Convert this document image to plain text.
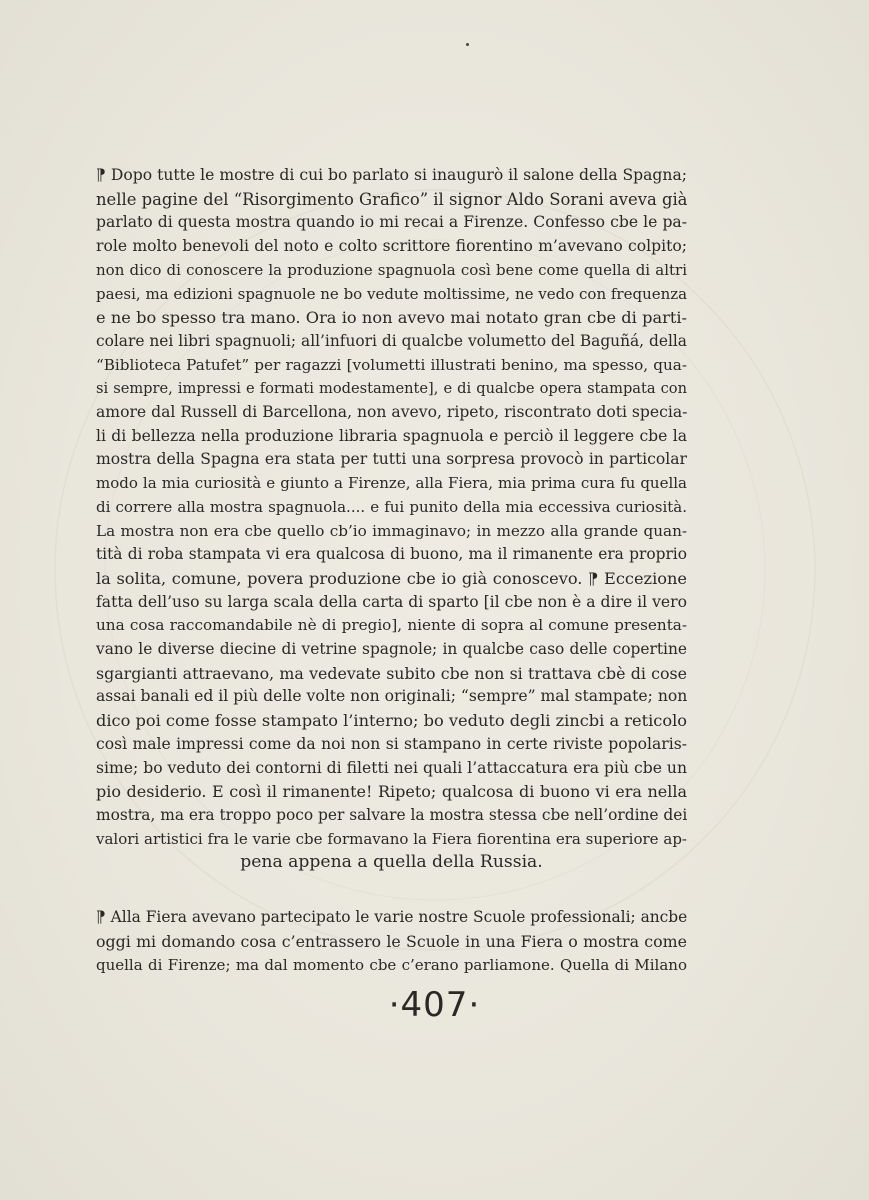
⁋ Dopo tutte le mostre di cui bo parlato si inaugurò il salone della Spagna;
nelle pagine del “Risorgimento Grafico” il signor Aldo Sorani aveva già
parlato di questa mostra quando io mi recai a Firenze. Confesso cbe le pa-
role molto benevoli del noto e colto scrittore fiorentino m’avevano colpito;
non dico di conoscere la produzione spagnuola così bene come quella di altri
paesi, ma edizioni spagnuole ne bo vedute moltissime, ne vedo con frequenza
e ne bo spesso tra mano. Ora io non avevo mai notato gran cbe di parti-
colare nei libri spagnuoli; all’infuori di qualcbe volumetto del Baguñá, della
“Biblioteca Patufet” per ragazzi [volumetti illustrati benino, ma spesso, qua-
si sempre, impressi e formati modestamente], e di qualcbe opera stampata con
amore dal Russell di Barcellona, non avevo, ripeto, riscontrato doti specia-
li di bellezza nella produzione libraria spagnuola e perciò il leggere cbe la
mostra della Spagna era stata per tutti una sorpresa provocò in particolar
modo la mia curiosità e giunto a Firenze, alla Fiera, mia prima cura fu quella
di correre alla mostra spagnuola.... e fui punito della mia eccessiva curiosità.
La mostra non era cbe quello cb’io immaginavo; in mezzo alla grande quan-
tità di roba stampata vi era qualcosa di buono, ma il rimanente era proprio
la solita, comune, povera produzione cbe io già conoscevo. ⁋ Eccezione
fatta dell’uso su larga scala della carta di sparto [il cbe non è a dire il vero
una cosa raccomandabile nè di pregio], niente di sopra al comune presenta-
vano le diverse diecine di vetrine spagnole; in qualcbe caso delle copertine
sgargianti attraevano, ma vedevate subito cbe non si trattava cbè di cose
assai banali ed il più delle volte non originali; “sempre” mal stampate; non
dico poi come fosse stampato l’interno; bo veduto degli zincbi a reticolo
così male impressi come da noi non si stampano in certe riviste popolaris-
sime; bo veduto dei contorni di filetti nei quali l’attaccatura era più cbe un
pio desiderio. E così il rimanente! Ripeto; qualcosa di buono vi era nella
mostra, ma era troppo poco per salvare la mostra stessa cbe nell’ordine dei
valori artistici fra le varie cbe formavano la Fiera fiorentina era superiore ap-
pena appena a quella della Russia.
⁋ Alla Fiera avevano partecipato le varie nostre Scuole professionali; ancbe
oggi mi domando cosa c’entrassero le Scuole in una Fiera o mostra come
quella di Firenze; ma dal momento cbe c’erano parliamone. Quella di Milano
·407·
